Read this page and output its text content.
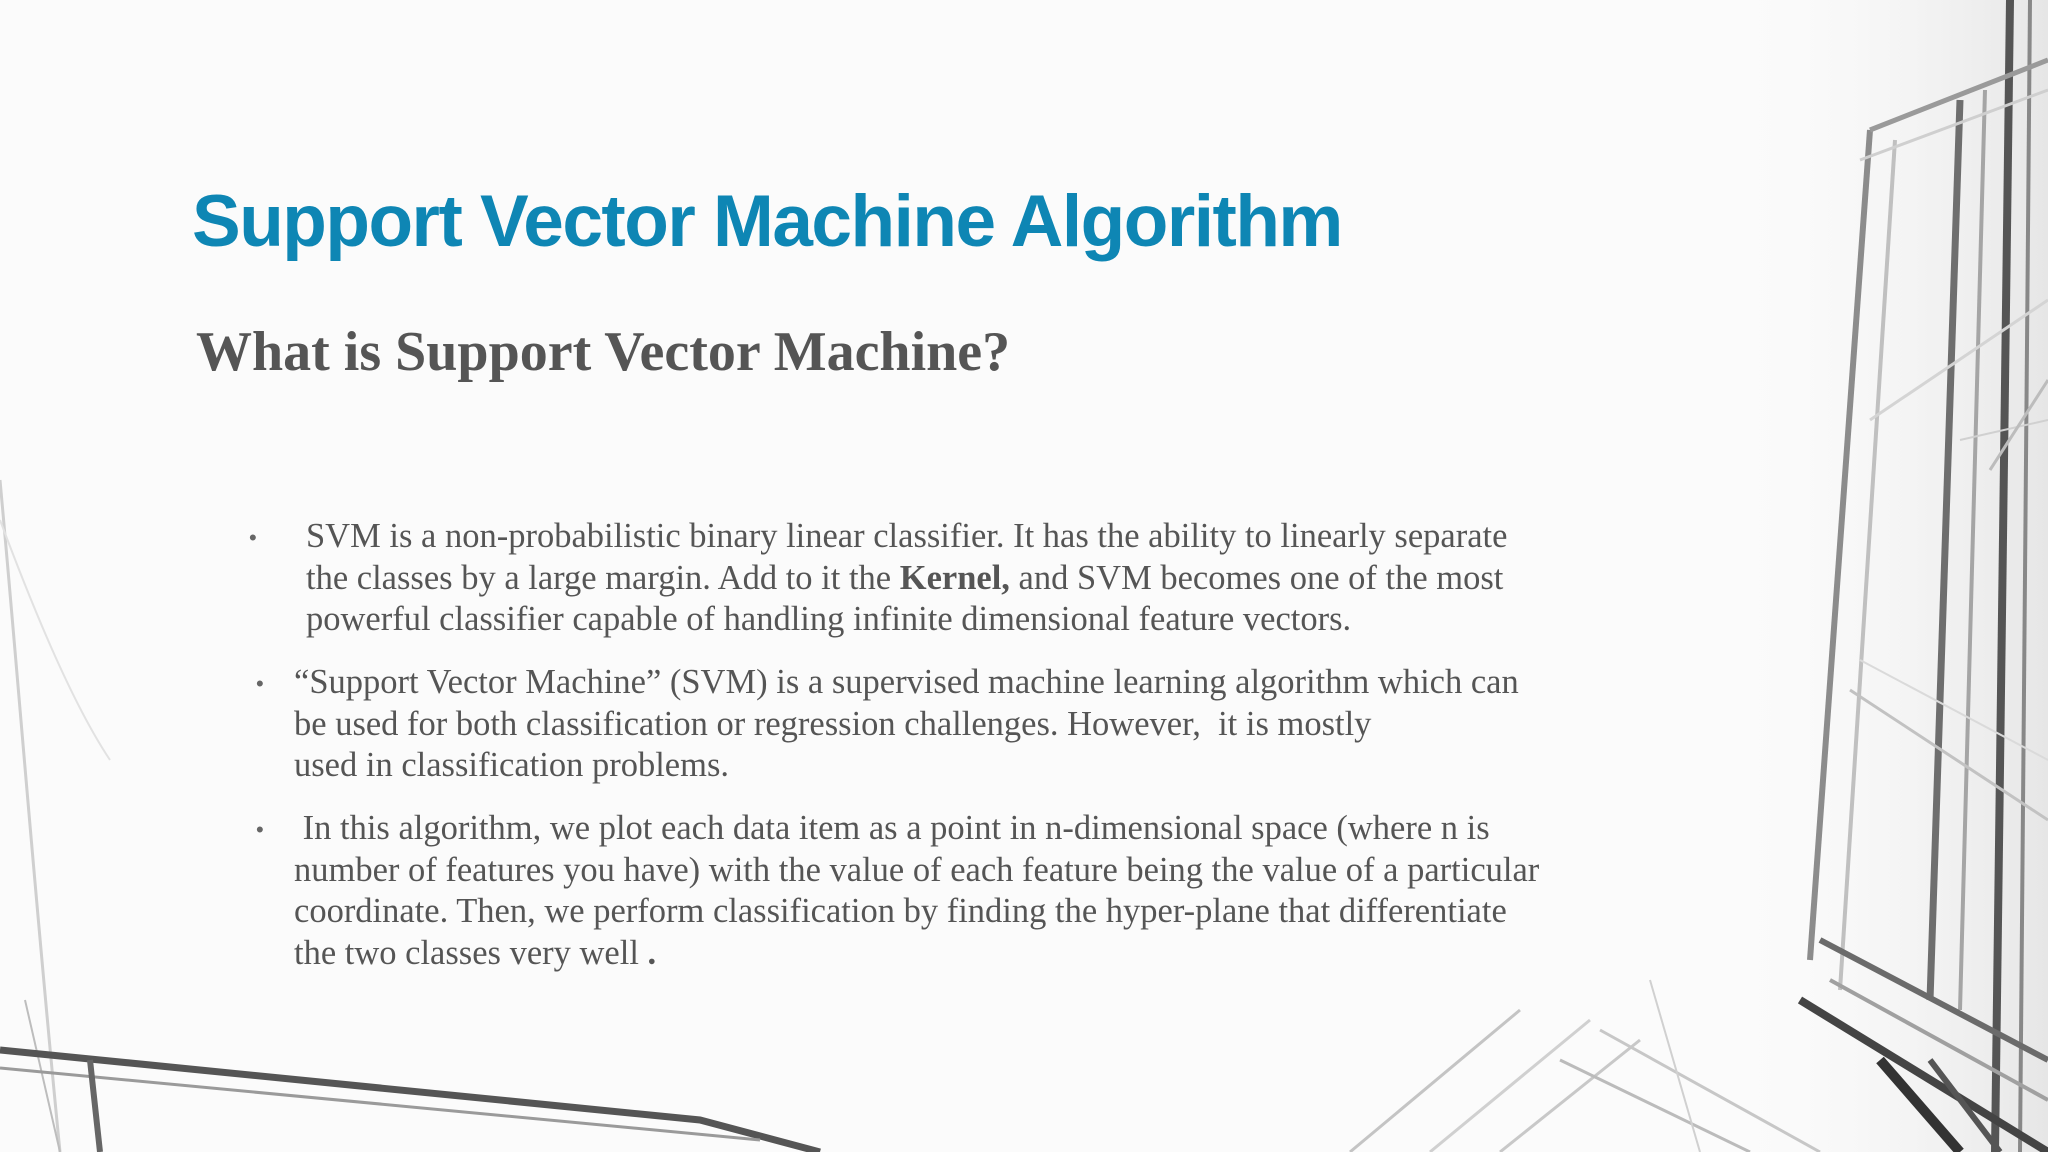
Support Vector Machine Algorithm
What is Support Vector Machine?
• SVM is a non-probabilistic binary linear classifier. It has the ability to linearly separate
the classes by a large margin. Add to it the Kernel, and SVM becomes one of the most
powerful classifier capable of handling infinite dimensional feature vectors.
• “Support Vector Machine” (SVM) is a supervised machine learning algorithm which can
be used for both classification or regression challenges. However,  it is mostly
used in classification problems.
• In this algorithm, we plot each data item as a point in n-dimensional space (where n is
number of features you have) with the value of each feature being the value of a particular
coordinate. Then, we perform classification by finding the hyper-plane that differentiate
the two classes very well .
